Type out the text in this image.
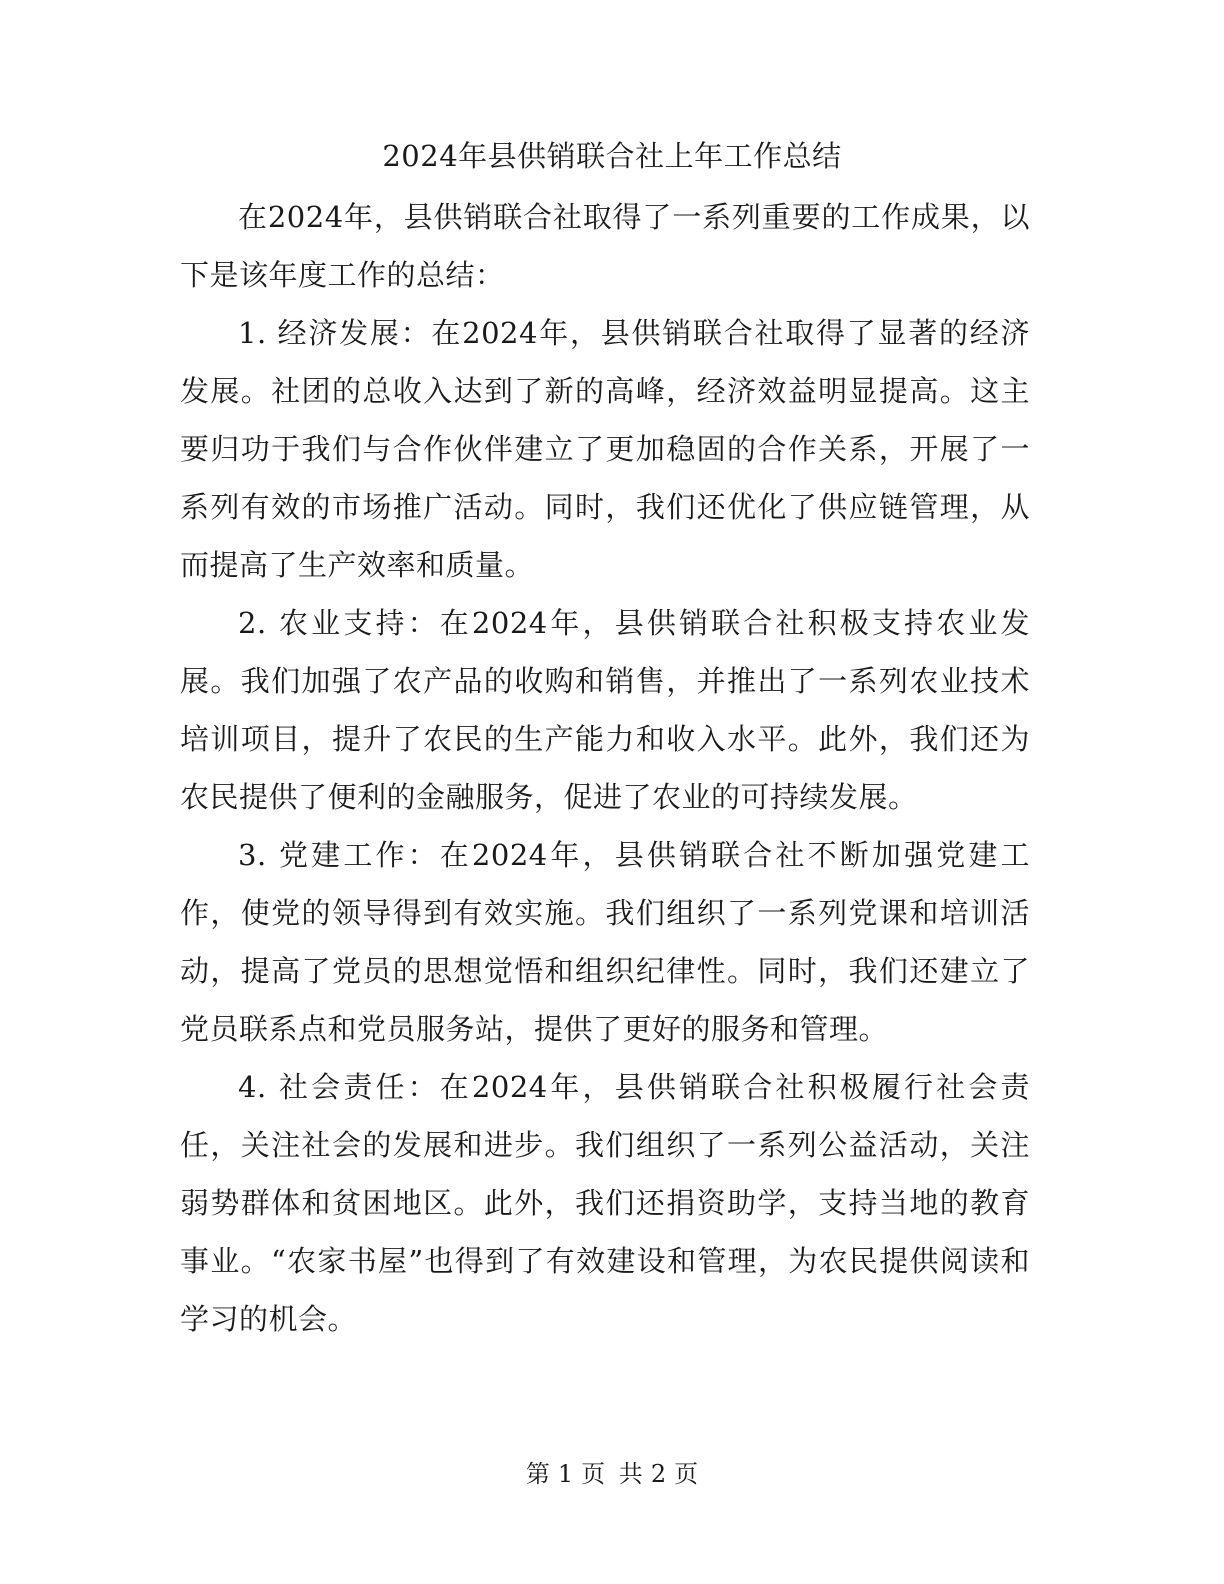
2024年县供销联合社上年工作总结

在2024年，县供销联合社取得了一系列重要的工作成果，以下是该年度工作的总结：

1. 经济发展：在2024年，县供销联合社取得了显著的经济发展。社团的总收入达到了新的高峰，经济效益明显提高。这主要归功于我们与合作伙伴建立了更加稳固的合作关系，开展了一系列有效的市场推广活动。同时，我们还优化了供应链管理，从而提高了生产效率和质量。

2. 农业支持：在2024年，县供销联合社积极支持农业发展。我们加强了农产品的收购和销售，并推出了一系列农业技术培训项目，提升了农民的生产能力和收入水平。此外，我们还为农民提供了便利的金融服务，促进了农业的可持续发展。

3. 党建工作：在2024年，县供销联合社不断加强党建工作，使党的领导得到有效实施。我们组织了一系列党课和培训活动，提高了党员的思想觉悟和组织纪律性。同时，我们还建立了党员联系点和党员服务站，提供了更好的服务和管理。

4. 社会责任：在2024年，县供销联合社积极履行社会责任，关注社会的发展和进步。我们组织了一系列公益活动，关注弱势群体和贫困地区。此外，我们还捐资助学，支持当地的教育事业。“农家书屋”也得到了有效建设和管理，为农民提供阅读和学习的机会。

第 1 页 共 2 页
